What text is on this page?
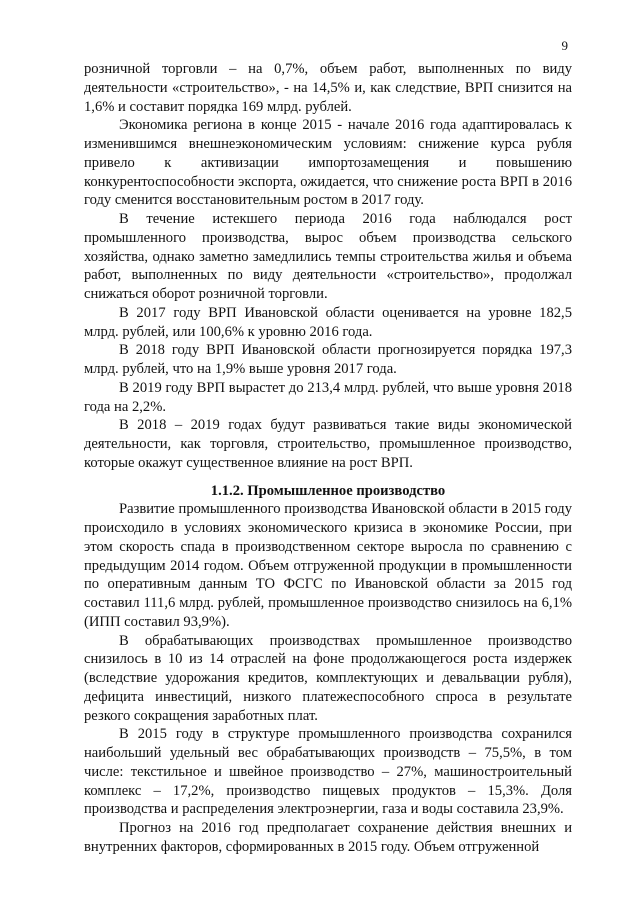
9

розничной торговли – на 0,7%, объем работ, выполненных по виду деятельности «строительство», - на 14,5% и, как следствие, ВРП снизится на 1,6% и составит порядка 169 млрд. рублей.

Экономика региона в конце 2015 - начале 2016 года адаптировалась к изменившимся внешнеэкономическим условиям: снижение курса рубля привело к активизации импортозамещения и повышению конкурентоспособности экспорта, ожидается, что снижение роста ВРП в 2016 году сменится восстановительным ростом в 2017 году.

В течение истекшего периода 2016 года наблюдался рост промышленного производства, вырос объем производства сельского хозяйства, однако заметно замедлились темпы строительства жилья и объема работ, выполненных по виду деятельности «строительство», продолжал снижаться оборот розничной торговли.

В 2017 году ВРП Ивановской области оценивается на уровне 182,5 млрд. рублей, или 100,6% к уровню 2016 года.

В 2018 году ВРП Ивановской области прогнозируется порядка 197,3 млрд. рублей, что на 1,9% выше уровня 2017 года.

В 2019 году ВРП вырастет до 213,4 млрд. рублей, что выше уровня 2018 года на 2,2%.

В 2018 – 2019 годах будут развиваться такие виды экономической деятельности, как торговля, строительство, промышленное производство, которые окажут существенное влияние на рост ВРП.

1.1.2. Промышленное производство

Развитие промышленного производства Ивановской области в 2015 году происходило в условиях экономического кризиса в экономике России, при этом скорость спада в производственном секторе выросла по сравнению с предыдущим 2014 годом. Объем отгруженной продукции в промышленности по оперативным данным ТО ФСГС по Ивановской области за 2015 год составил 111,6 млрд. рублей, промышленное производство снизилось на 6,1% (ИПП составил 93,9%).

В обрабатывающих производствах промышленное производство снизилось в 10 из 14 отраслей на фоне продолжающегося роста издержек (вследствие удорожания кредитов, комплектующих и девальвации рубля), дефицита инвестиций, низкого платежеспособного спроса в результате резкого сокращения заработных плат.

В 2015 году в структуре промышленного производства сохранился наибольший удельный вес обрабатывающих производств – 75,5%, в том числе: текстильное и швейное производство – 27%, машиностроительный комплекс – 17,2%, производство пищевых продуктов – 15,3%. Доля производства и распределения электроэнергии, газа и воды составила 23,9%.

Прогноз на 2016 год предполагает сохранение действия внешних и внутренних факторов, сформированных в 2015 году. Объем отгруженной
